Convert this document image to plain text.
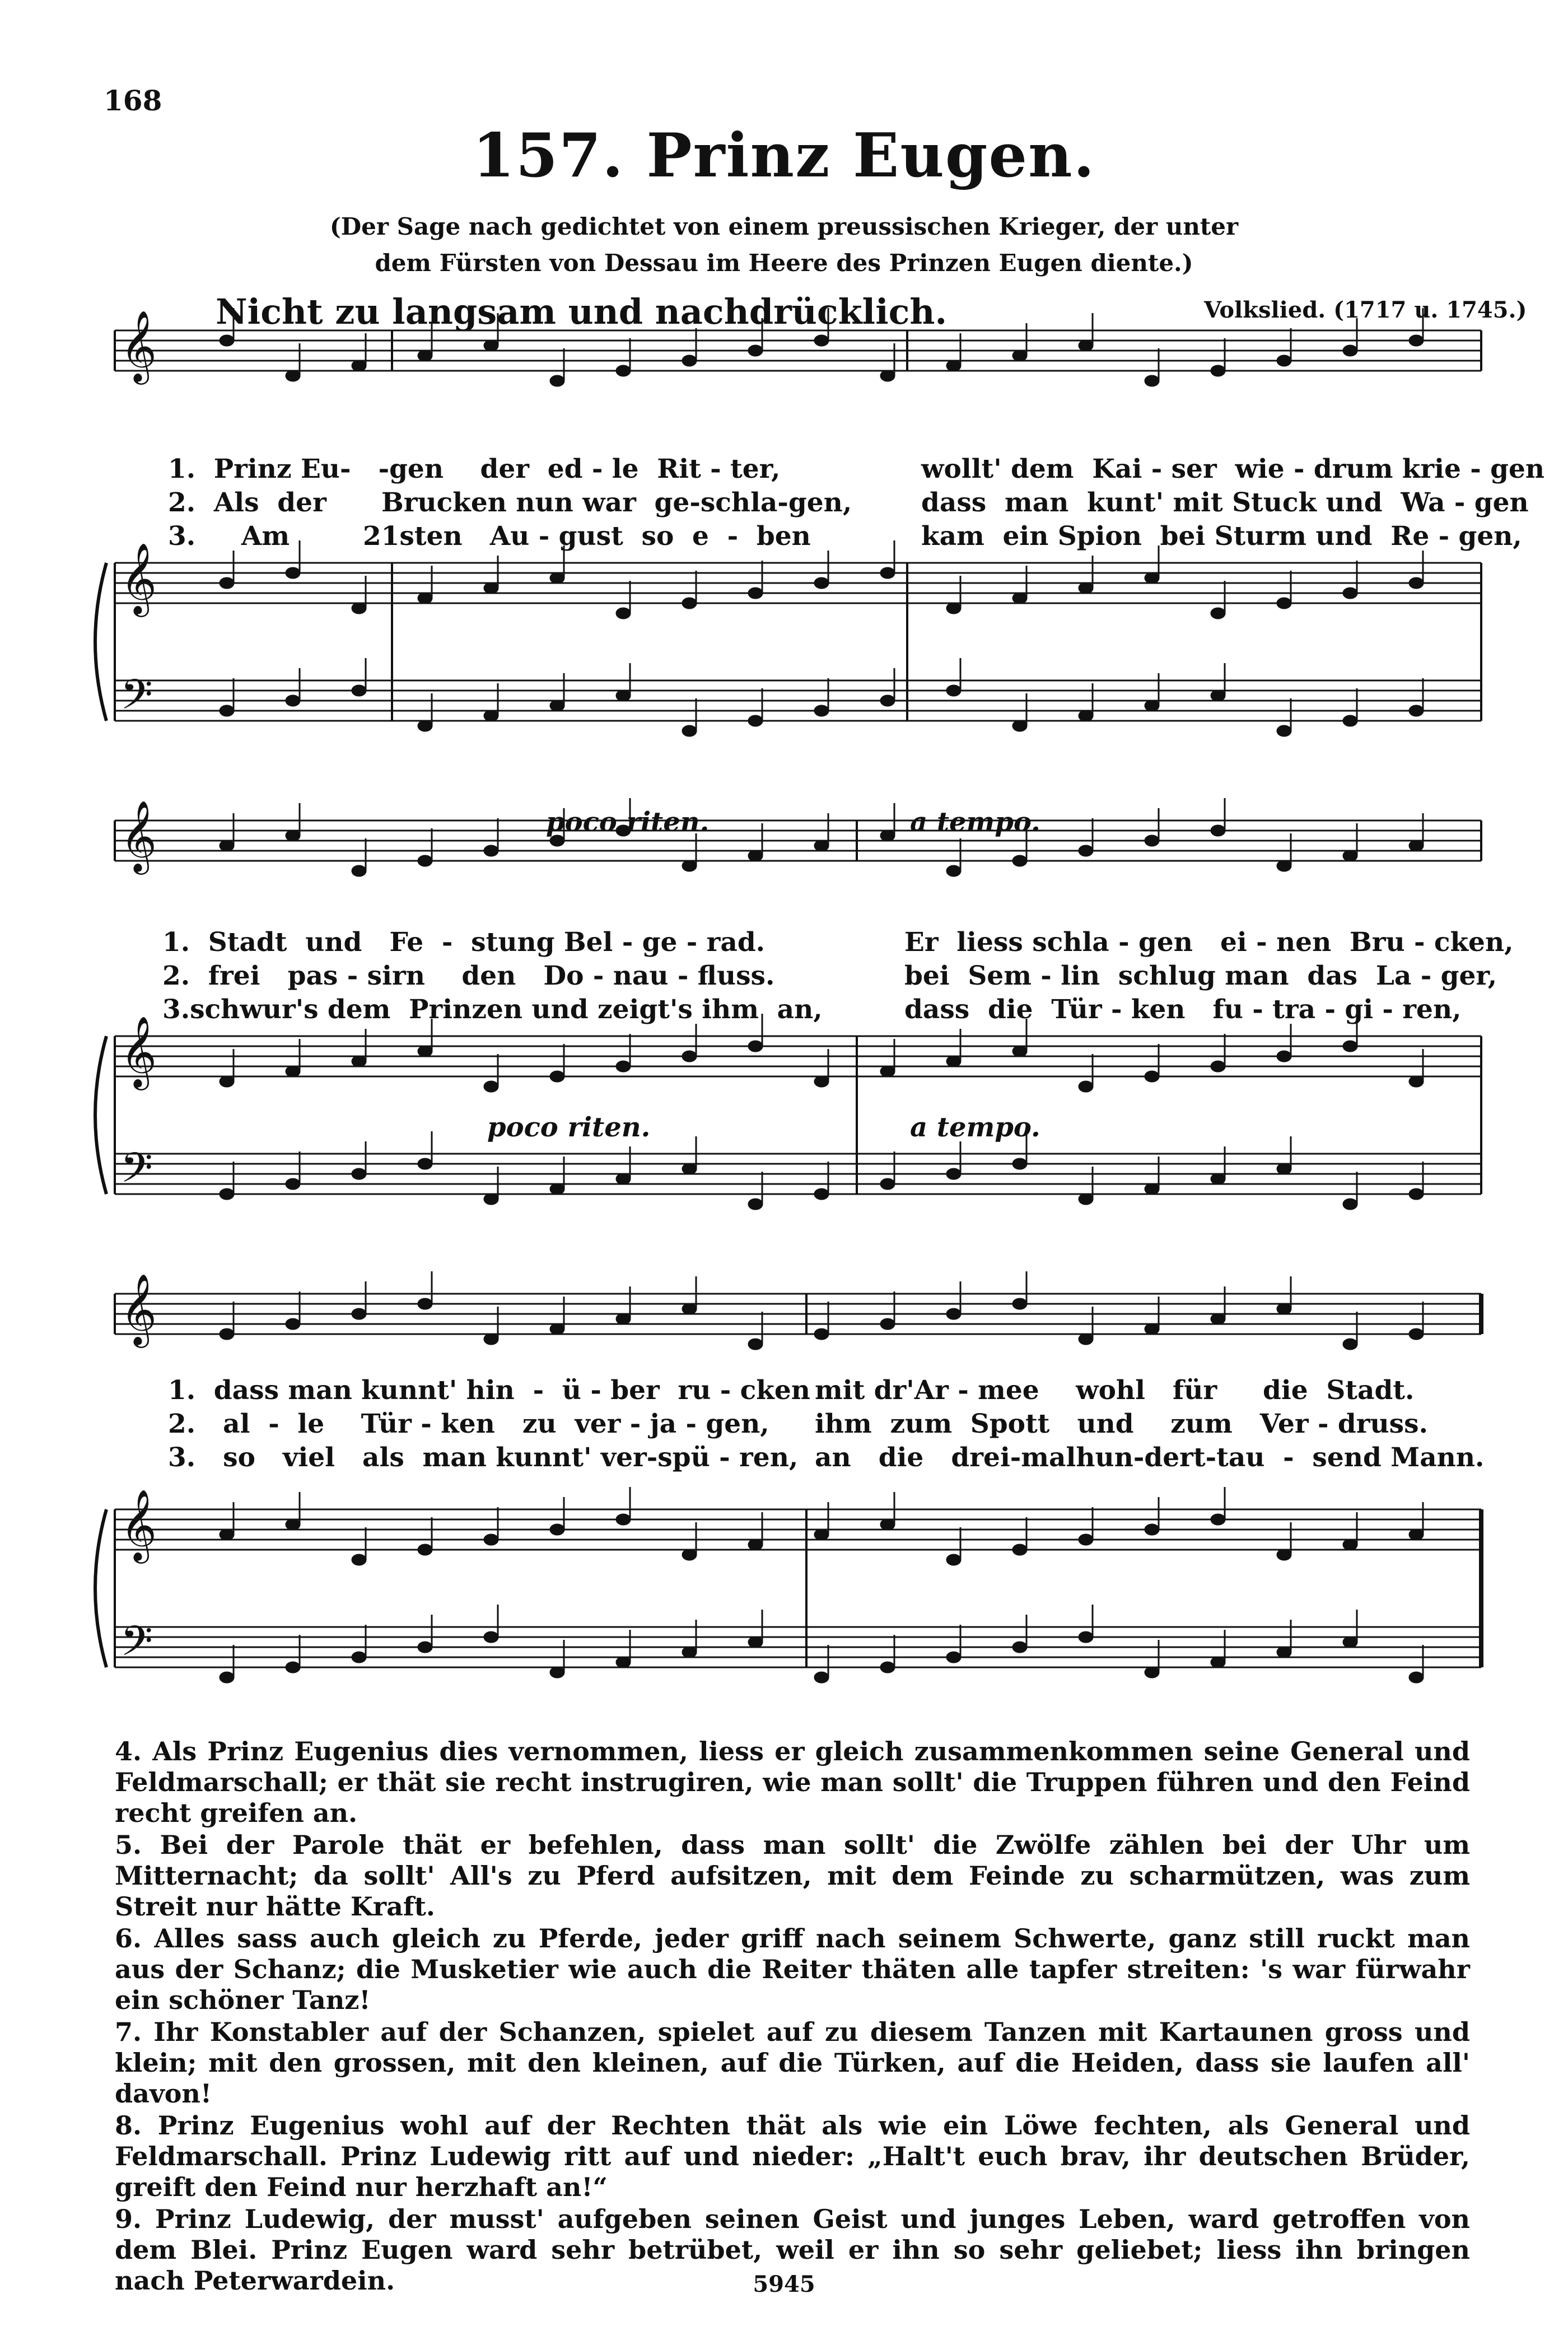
168
157. Prinz Eugen.
(Der Sage nach gedichtet von einem preussischen Krieger, der unter
dem Fürsten von Dessau im Heere des Prinzen Eugen diente.)
Nicht zu langsam und nachdrücklich.	Volkslied. (1717 u. 1745.)
𝄞
𝄞
𝄢
𝄞
𝄞
𝄢
𝄞
𝄞
𝄢
1.  Prinz Eu-   -gen    der  ed - le  Rit - ter,	wollt' dem  Kai - ser  wie - drum krie - gen
2.  Als  der      Brucken nun war  ge-schla-gen,	dass  man  kunt' mit Stuck und  Wa - gen
3.     Am        21sten   Au - gust  so  e  -  ben	kam  ein Spion  bei Sturm und  Re - gen,
poco riten.	a tempo.
1.  Stadt  und   Fe  -  stung Bel - ge - rad.	Er  liess schla - gen   ei - nen  Bru - cken,
2.  frei   pas - sirn    den   Do - nau - fluss.	bei  Sem - lin  schlug man  das  La - ger,
3.schwur's dem  Prinzen und zeigt's ihm  an,	dass  die  Tür - ken   fu - tra - gi - ren,
poco riten.	a tempo.
1.  dass man kunnt' hin  -  ü - ber  ru - cken mit dr'Ar - mee    wohl   für     die  Stadt.
2.   al  -  le    Tür - ken   zu  ver - ja - gen, ihm  zum  Spott   und    zum   Ver - druss.
3.   so   viel   als  man kunnt' ver-spü - ren, an   die   drei-malhun-dert-tau  -  send Mann.

4. Als Prinz Eugenius dies vernommen, liess er gleich zusammenkommen seine General und Feldmarschall; er thät sie recht instrugiren, wie man sollt' die Truppen führen und den Feind recht greifen an.

5. Bei der Parole thät er befehlen, dass man sollt' die Zwölfe zählen bei der Uhr um Mitternacht; da sollt' All's zu Pferd aufsitzen, mit dem Feinde zu scharmützen, was zum Streit nur hätte Kraft.

6. Alles sass auch gleich zu Pferde, jeder griff nach seinem Schwerte, ganz still ruckt man aus der Schanz; die Musketier wie auch die Reiter thäten alle tapfer streiten: 's war fürwahr ein schöner Tanz!

7. Ihr Konstabler auf der Schanzen, spielet auf zu diesem Tanzen mit Kartaunen gross und klein; mit den grossen, mit den kleinen, auf die Türken, auf die Heiden, dass sie laufen all' davon!

8. Prinz Eugenius wohl auf der Rechten thät als wie ein Löwe fechten, als General und Feldmarschall. Prinz Ludewig ritt auf und nieder: „Halt't euch brav, ihr deutschen Brüder, greift den Feind nur herzhaft an!“

9. Prinz Ludewig, der musst' aufgeben seinen Geist und junges Leben, ward getroffen von dem Blei. Prinz Eugen ward sehr betrübet, weil er ihn so sehr geliebet; liess ihn bringen nach Peterwardein.	5945
